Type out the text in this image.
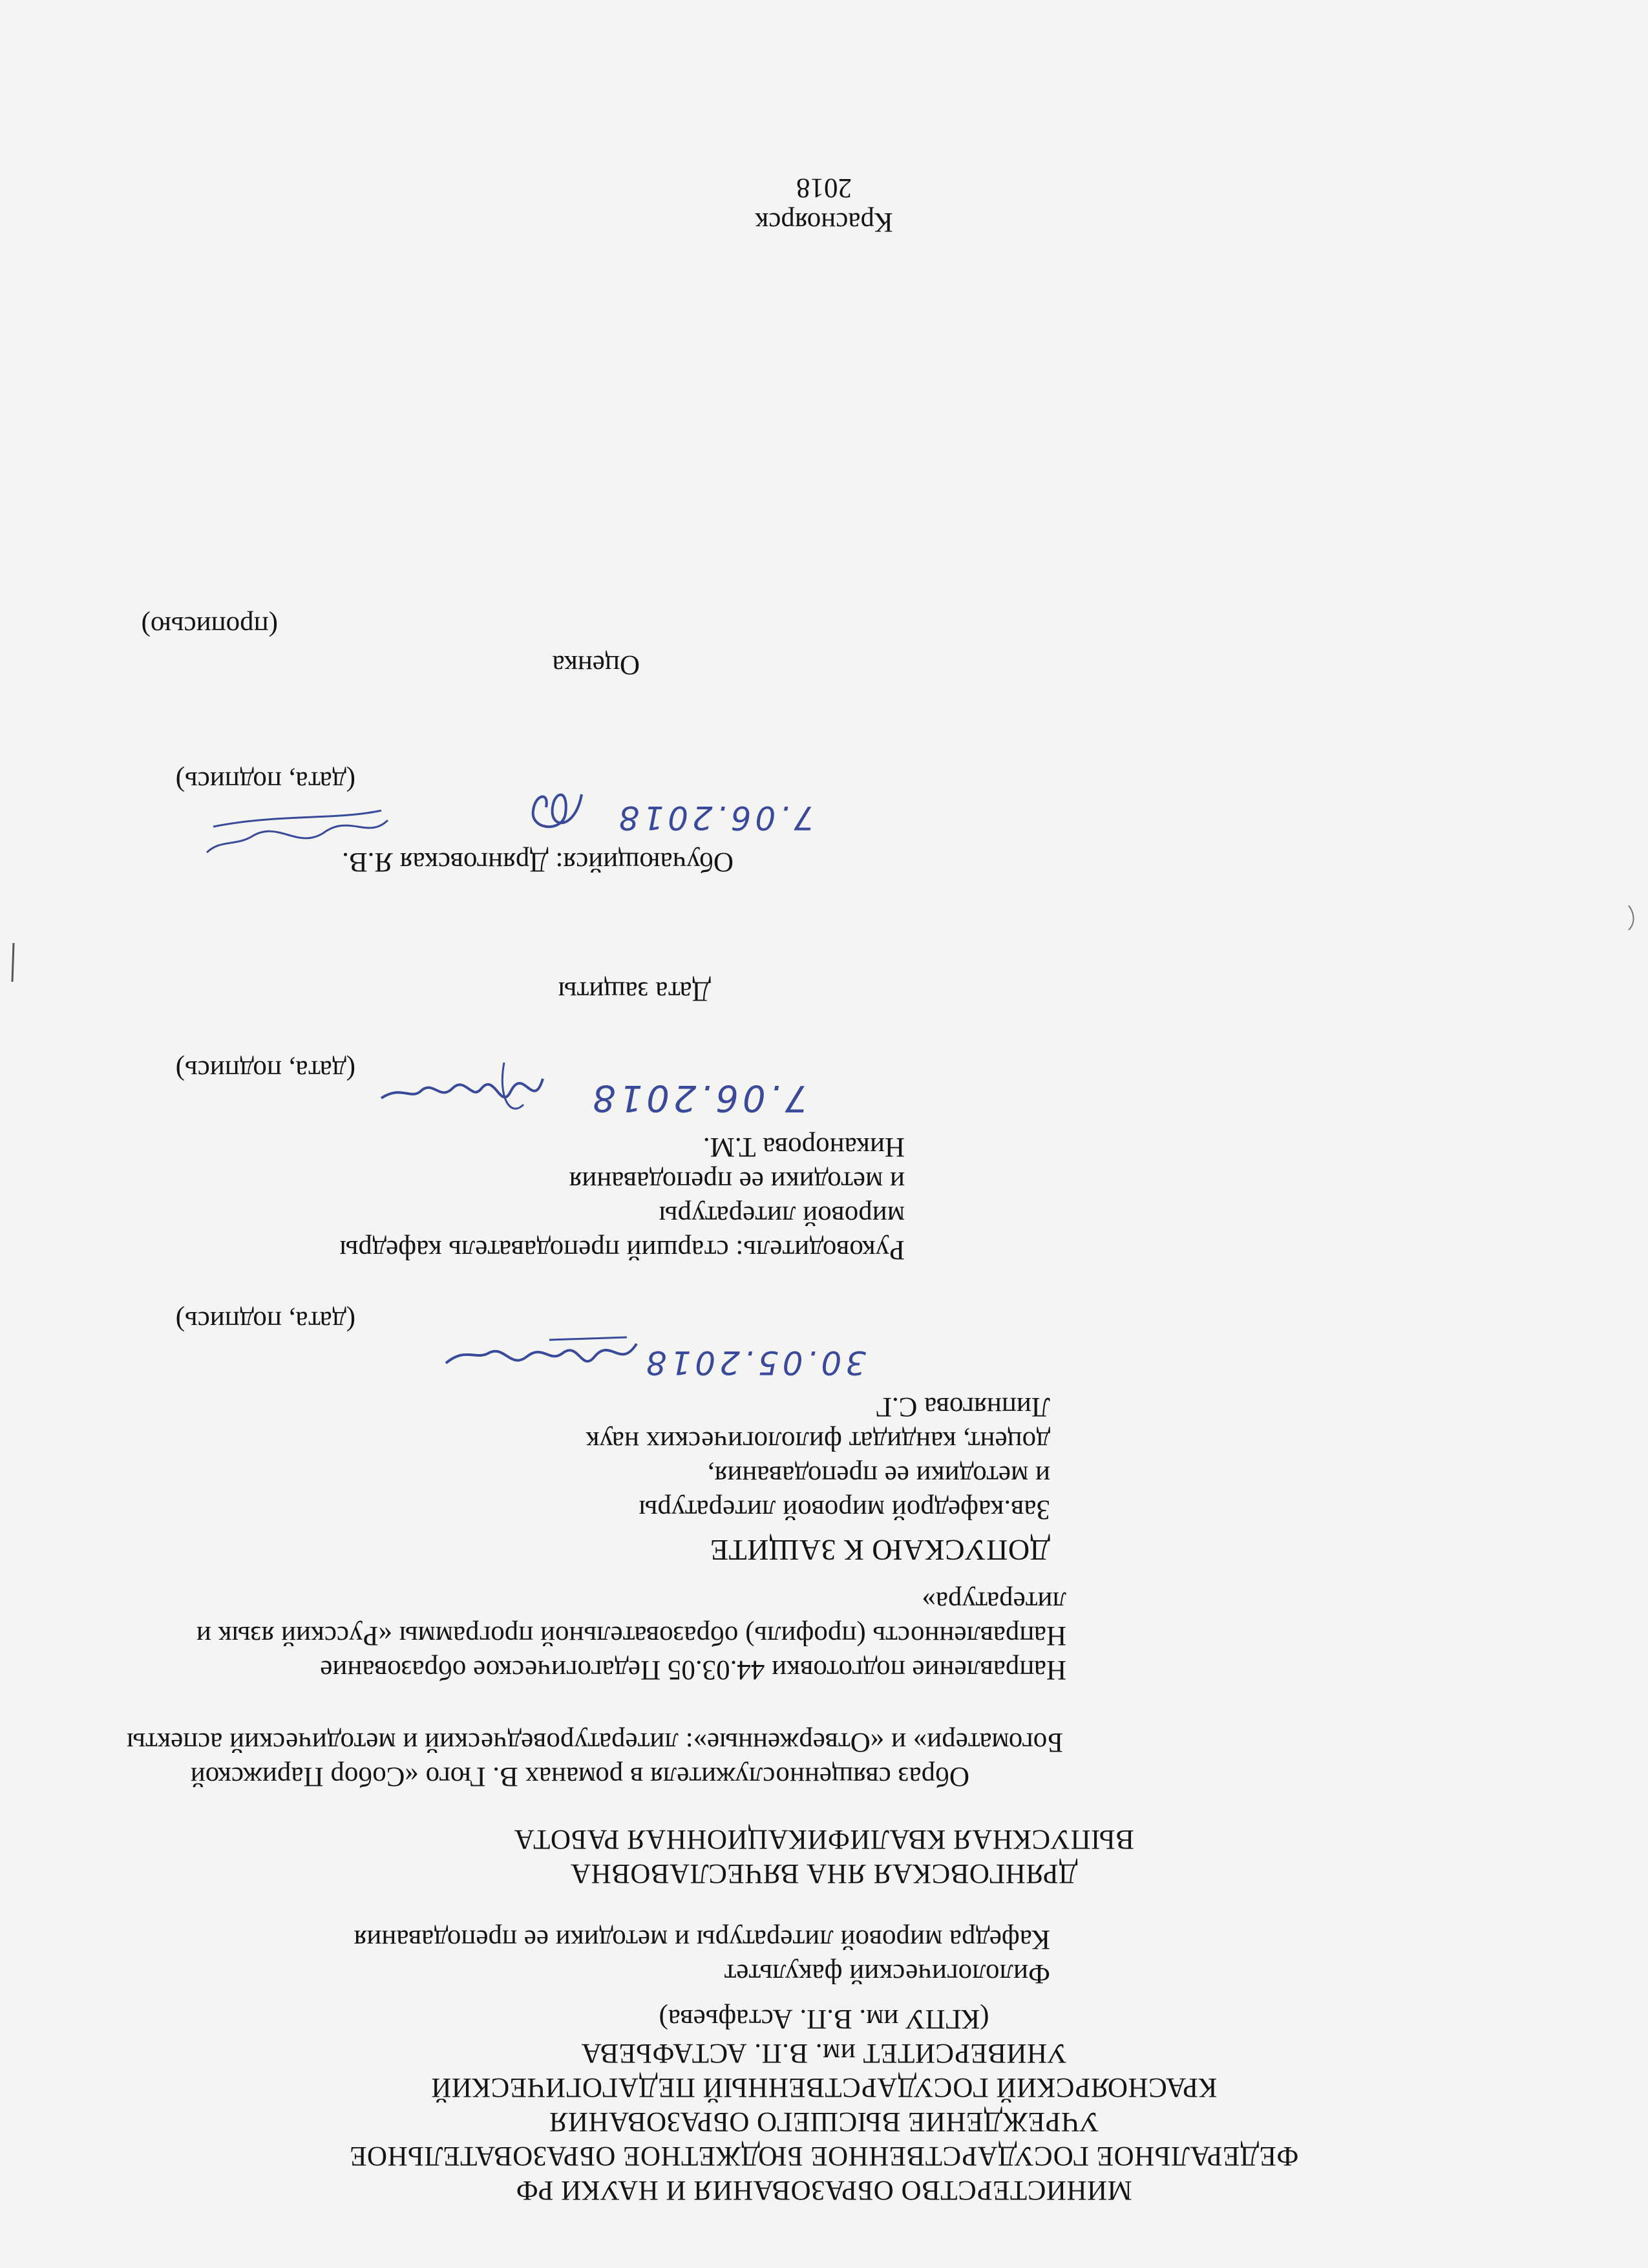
МИНИСТЕРСТВО ОБРАЗОВАНИЯ И НАУКИ РФ
ФЕДЕРАЛЬНОЕ ГОСУДАРСТВЕННОЕ БЮДЖЕТНОЕ ОБРАЗОВАТЕЛЬНОЕ
УЧРЕЖДЕНИЕ ВЫСШЕГО ОБРАЗОВАНИЯ
КРАСНОЯРСКИЙ ГОСУДАРСТВЕННЫЙ ПЕДАГОГИЧЕСКИЙ
УНИВЕРСИТЕТ им. В.П. АСТАФЬЕВА
(КГПУ им. В.П. Астафьева)
Филологический факультет
Кафедра мировой литературы и методики ее преподавания
ДРЯНГОВСКАЯ ЯНА ВЯЧЕСЛАВОВНА
ВЫПУСКНАЯ КВАЛИФИКАЦИОННАЯ РАБОТА
Образ священнослужителя в романах В. Гюго «Собор Парижской
Богоматери» и «Отверженные»: литературоведческий и методический аспекты
Направление подготовки 44.03.05 Педагогическое образование
Направленность (профиль) образовательной программы «Русский язык и
литература»
ДОПУСКАЮ К ЗАЩИТЕ
Зав.кафедрой мировой литературы
и методики ее преподавания,
доцент, кандидат филологических наук
Липнягова С.Г
30.05.2018
(дата, подпись)
Руководитель: старший преподаватель кафедры
мировой литературы
и методики ее преподавания
Никанорова Т.М.
7.06.2018
(дата, подпись)
Дата защиты
Обучающийся: Дрянговская Я.В.
7.06.2018
(дата, подпись)
Оценка
(прописью)
Красноярск
2018
